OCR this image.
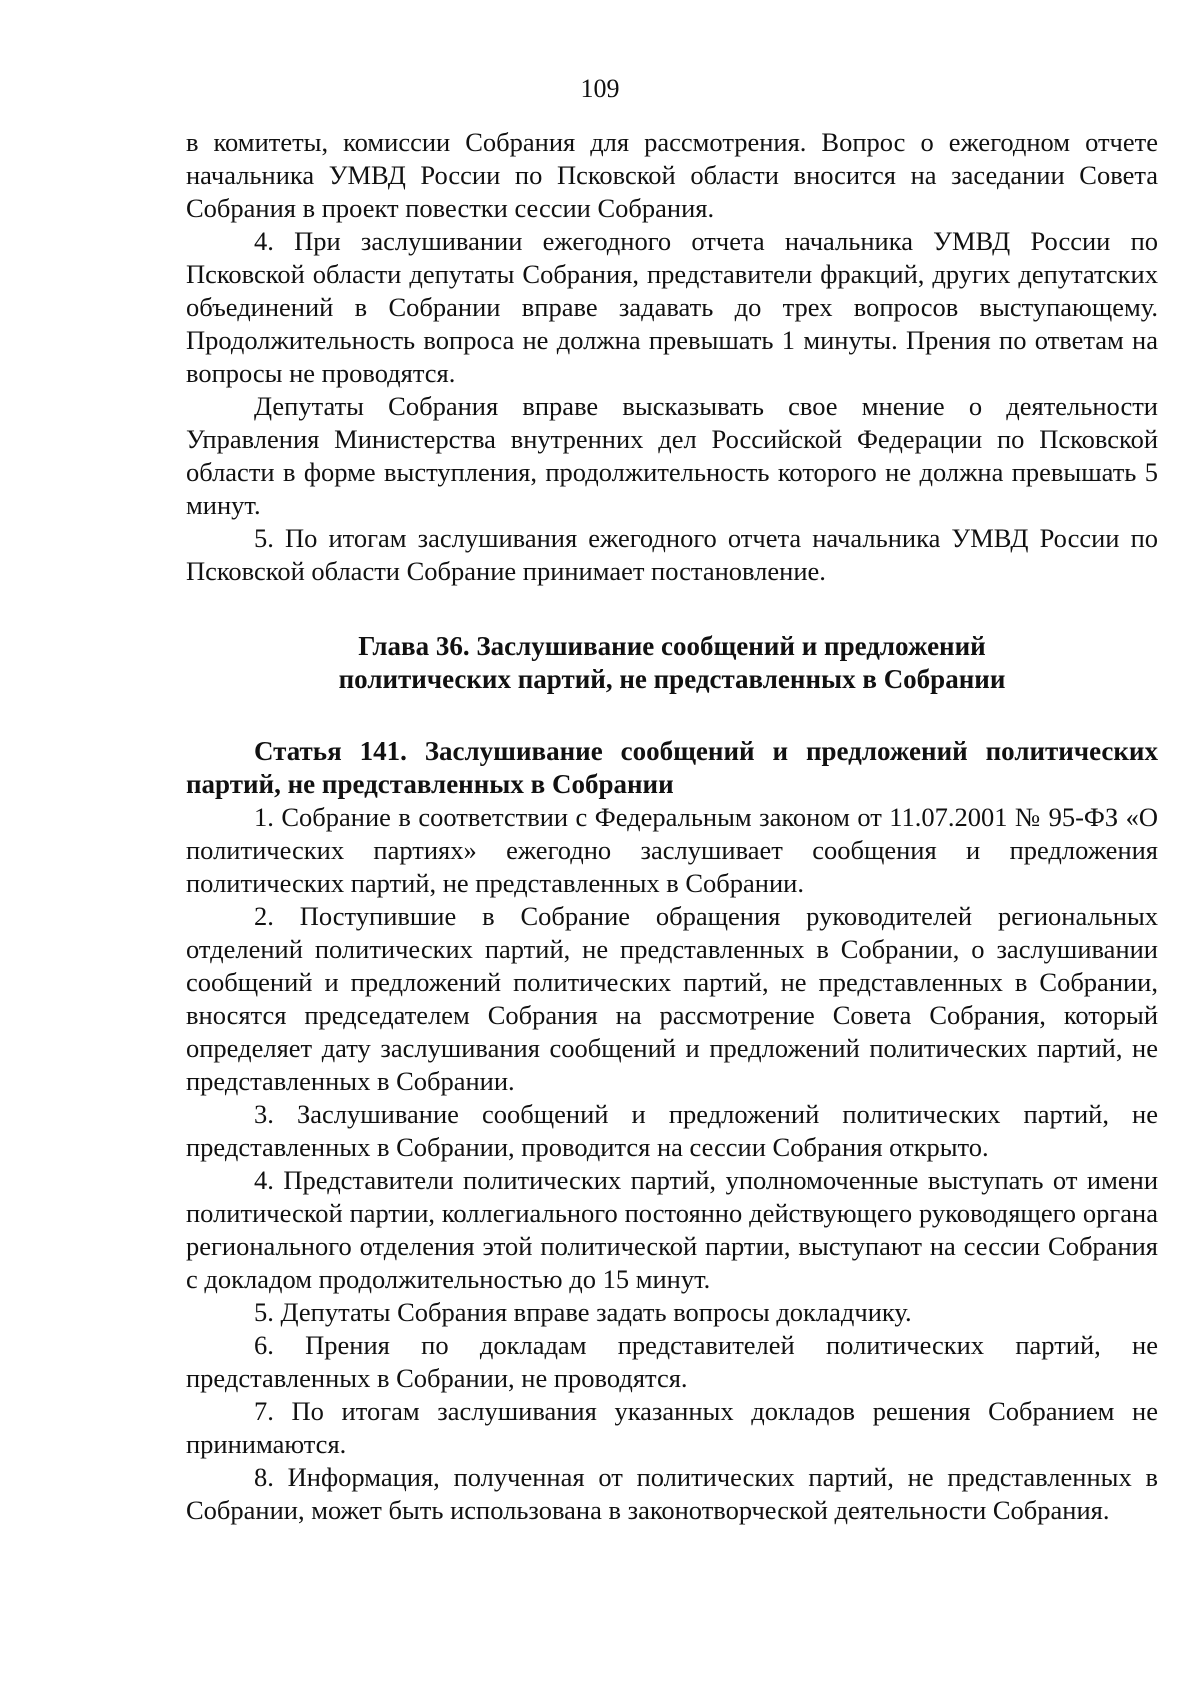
109

в комитеты, комиссии Собрания для рассмотрения. Вопрос о ежегодном отчете начальника УМВД России по Псковской области вносится на заседании Совета Собрания в проект повестки сессии Собрания.

4. При заслушивании ежегодного отчета начальника УМВД России по Псковской области депутаты Собрания, представители фракций, других депутатских объединений в Собрании вправе задавать до трех вопросов выступающему. Продолжительность вопроса не должна превышать 1 минуты. Прения по ответам на вопросы не проводятся.

Депутаты Собрания вправе высказывать свое мнение о деятельности Управления Министерства внутренних дел Российской Федерации по Псковской области в форме выступления, продолжительность которого не должна превышать 5 минут.

5. По итогам заслушивания ежегодного отчета начальника УМВД России по Псковской области Собрание принимает постановление.

Глава 36. Заслушивание сообщений и предложений
политических партий, не представленных в Собрании

Статья 141. Заслушивание сообщений и предложений политических партий, не представленных в Собрании

1. Собрание в соответствии с Федеральным законом от 11.07.2001 № 95-ФЗ «О политических партиях» ежегодно заслушивает сообщения и предложения политических партий, не представленных в Собрании.

2. Поступившие в Собрание обращения руководителей региональных отделений политических партий, не представленных в Собрании, о заслушивании сообщений и предложений политических партий, не представленных в Собрании, вносятся председателем Собрания на рассмотрение Совета Собрания, который определяет дату заслушивания сообщений и предложений политических партий, не представленных в Собрании.

3. Заслушивание сообщений и предложений политических партий, не представленных в Собрании, проводится на сессии Собрания открыто.

4. Представители политических партий, уполномоченные выступать от имени политической партии, коллегиального постоянно действующего руководящего органа регионального отделения этой политической партии, выступают на сессии Собрания с докладом продолжительностью до 15 минут.

5. Депутаты Собрания вправе задать вопросы докладчику.

6. Прения по докладам представителей политических партий, не представленных в Собрании, не проводятся.

7. По итогам заслушивания указанных докладов решения Собранием не принимаются.

8. Информация, полученная от политических партий, не представленных в Собрании, может быть использована в законотворческой деятельности Собрания.
